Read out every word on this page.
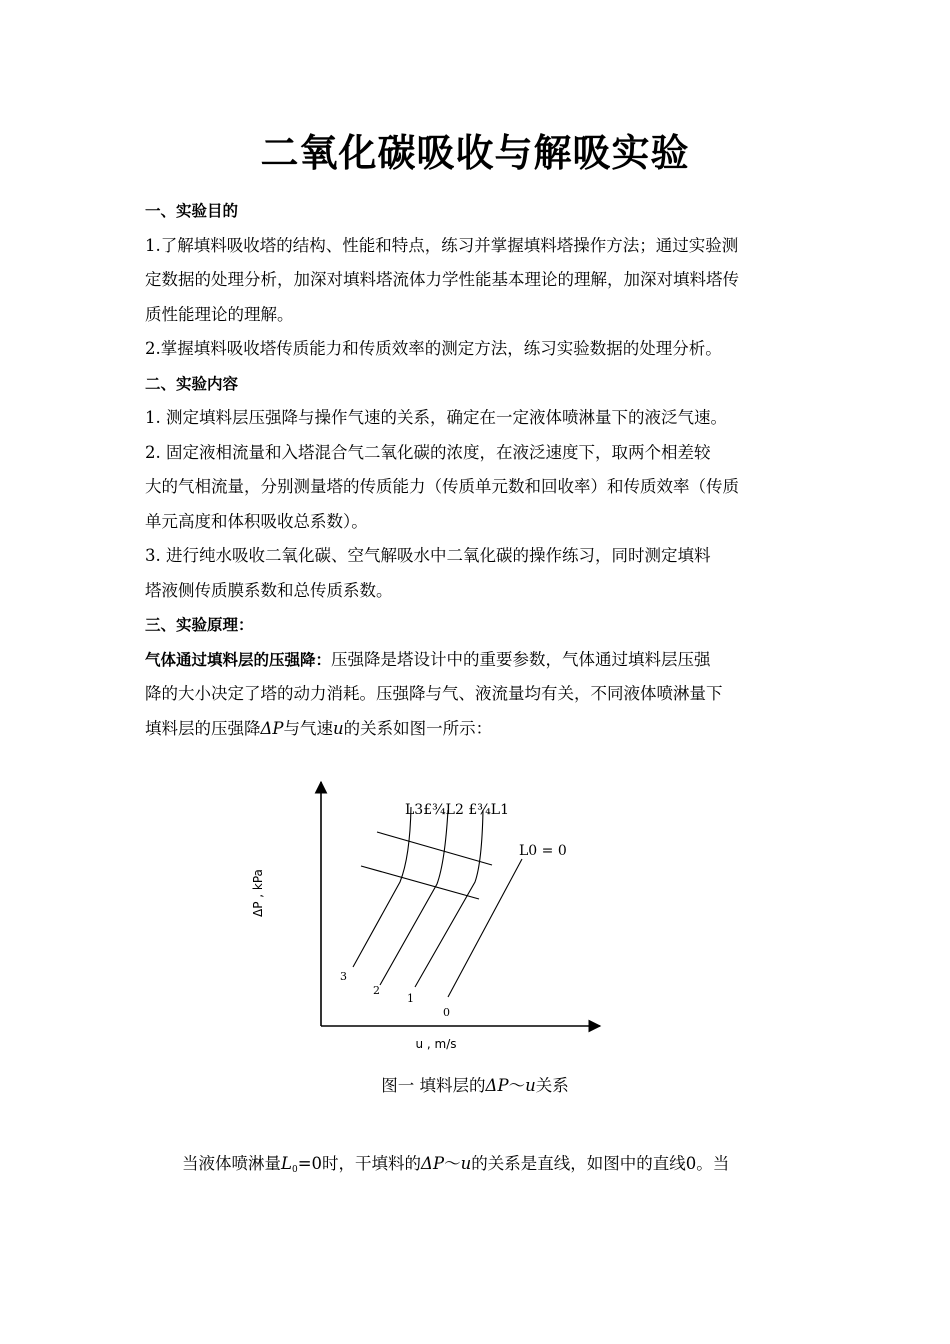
二氧化碳吸收与解吸实验

一、实验目的

1.了解填料吸收塔的结构、性能和特点，练习并掌握填料塔操作方法；通过实验测

定数据的处理分析，加深对填料塔流体力学性能基本理论的理解，加深对填料塔传

质性能理论的理解。

2.掌握填料吸收塔传质能力和传质效率的测定方法，练习实验数据的处理分析。

二、实验内容

1. 测定填料层压强降与操作气速的关系，确定在一定液体喷淋量下的液泛气速。

2. 固定液相流量和入塔混合气二氧化碳的浓度，在液泛速度下，取两个相差较

大的气相流量，分别测量塔的传质能力（传质单元数和回收率）和传质效率（传质

单元高度和体积吸收总系数）。

3. 进行纯水吸收二氧化碳、空气解吸水中二氧化碳的操作练习，同时测定填料

塔液侧传质膜系数和总传质系数。

三、实验原理：

气体通过填料层的压强降：压强降是塔设计中的重要参数，气体通过填料层压强

降的大小决定了塔的动力消耗。压强降与气、液流量均有关，不同液体喷淋量下

填料层的压强降ΔP与气速u的关系如图一所示：

ΔP , kPa
u , m/s
L3£¾L2 £¾L1
L0 = 0
3
2
1
0
图一 填料层的ΔP～u关系
当液体喷淋量$L_0=0$时，干填料的ΔP～u的关系是直线，如图中的直线0。当
